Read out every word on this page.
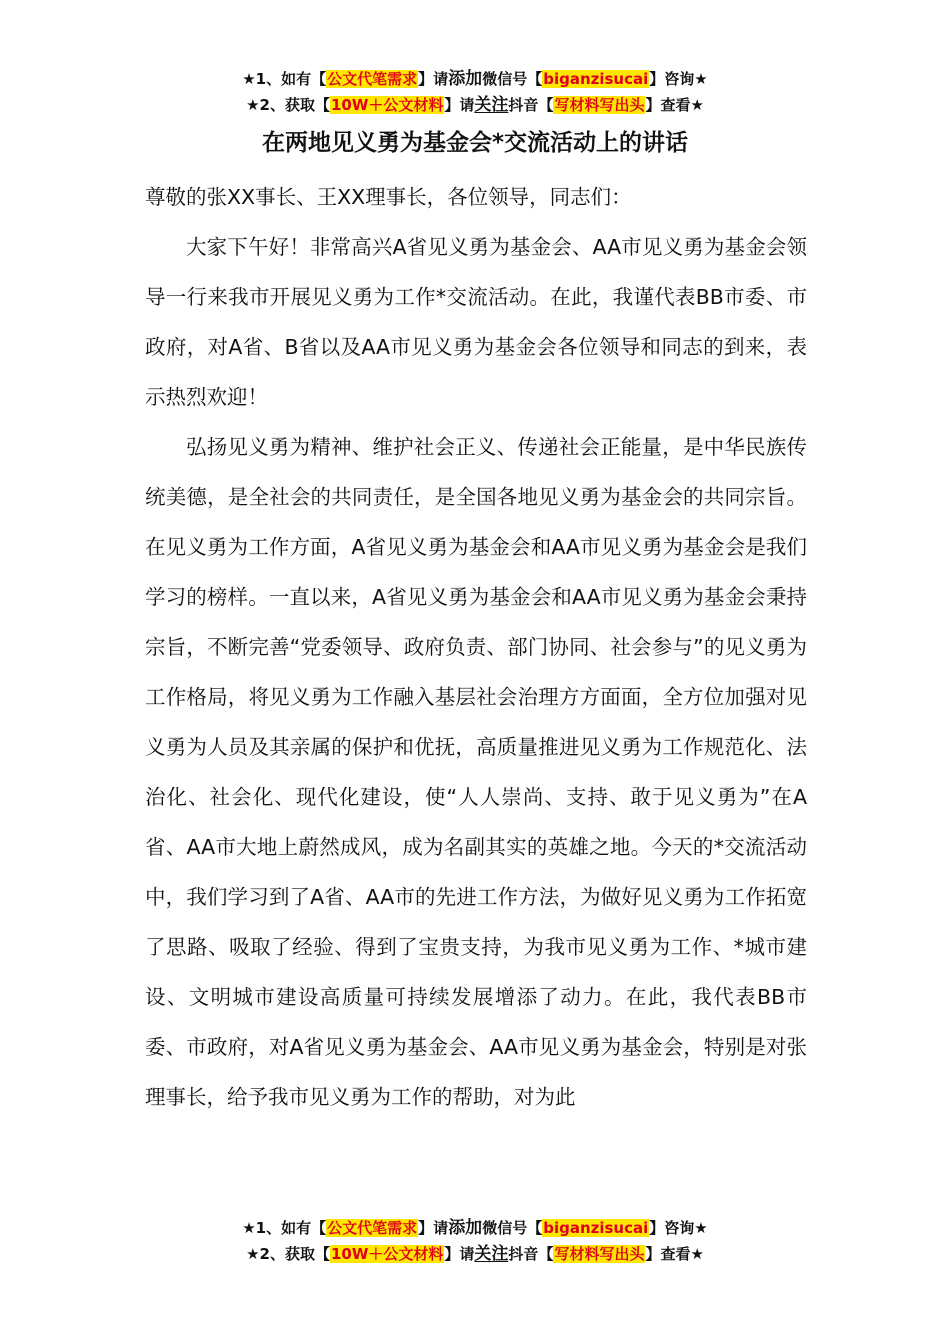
★1、如有【公文代笔需求】请添加微信号【biganzisucai】咨询★
★2、获取【10W＋公文材料】请关注抖音【写材料写出头】查看★
在两地见义勇为基金会*交流活动上的讲话

尊敬的张XX事长、王XX理事长，各位领导，同志们：

大家下午好！非常高兴A省见义勇为基金会、AA市见义勇为基金会领导一行来我市开展见义勇为工作*交流活动。在此，我谨代表BB市委、市政府，对A省、B省以及AA市见义勇为基金会各位领导和同志的到来，表示热烈欢迎！

弘扬见义勇为精神、维护社会正义、传递社会正能量，是中华民族传统美德，是全社会的共同责任，是全国各地见义勇为基金会的共同宗旨。在见义勇为工作方面，A省见义勇为基金会和AA市见义勇为基金会是我们学习的榜样。一直以来，A省见义勇为基金会和AA市见义勇为基金会秉持宗旨，不断完善“党委领导、政府负责、部门协同、社会参与”的见义勇为工作格局，将见义勇为工作融入基层社会治理方方面面，全方位加强对见义勇为人员及其亲属的保护和优抚，高质量推进见义勇为工作规范化、法治化、社会化、现代化建设，使“人人崇尚、支持、敢于见义勇为”在A省、AA市大地上蔚然成风，成为名副其实的英雄之地。今天的*交流活动中，我们学习到了A省、AA市的先进工作方法，为做好见义勇为工作拓宽了思路、吸取了经验、得到了宝贵支持，为我市见义勇为工作、*城市建设、文明城市建设高质量可持续发展增添了动力。在此，我代表BB市委、市政府，对A省见义勇为基金会、AA市见义勇为基金会，特别是对张理事长，给予我市见义勇为工作的帮助，对为此

★1、如有【公文代笔需求】请添加微信号【biganzisucai】咨询★
★2、获取【10W＋公文材料】请关注抖音【写材料写出头】查看★
